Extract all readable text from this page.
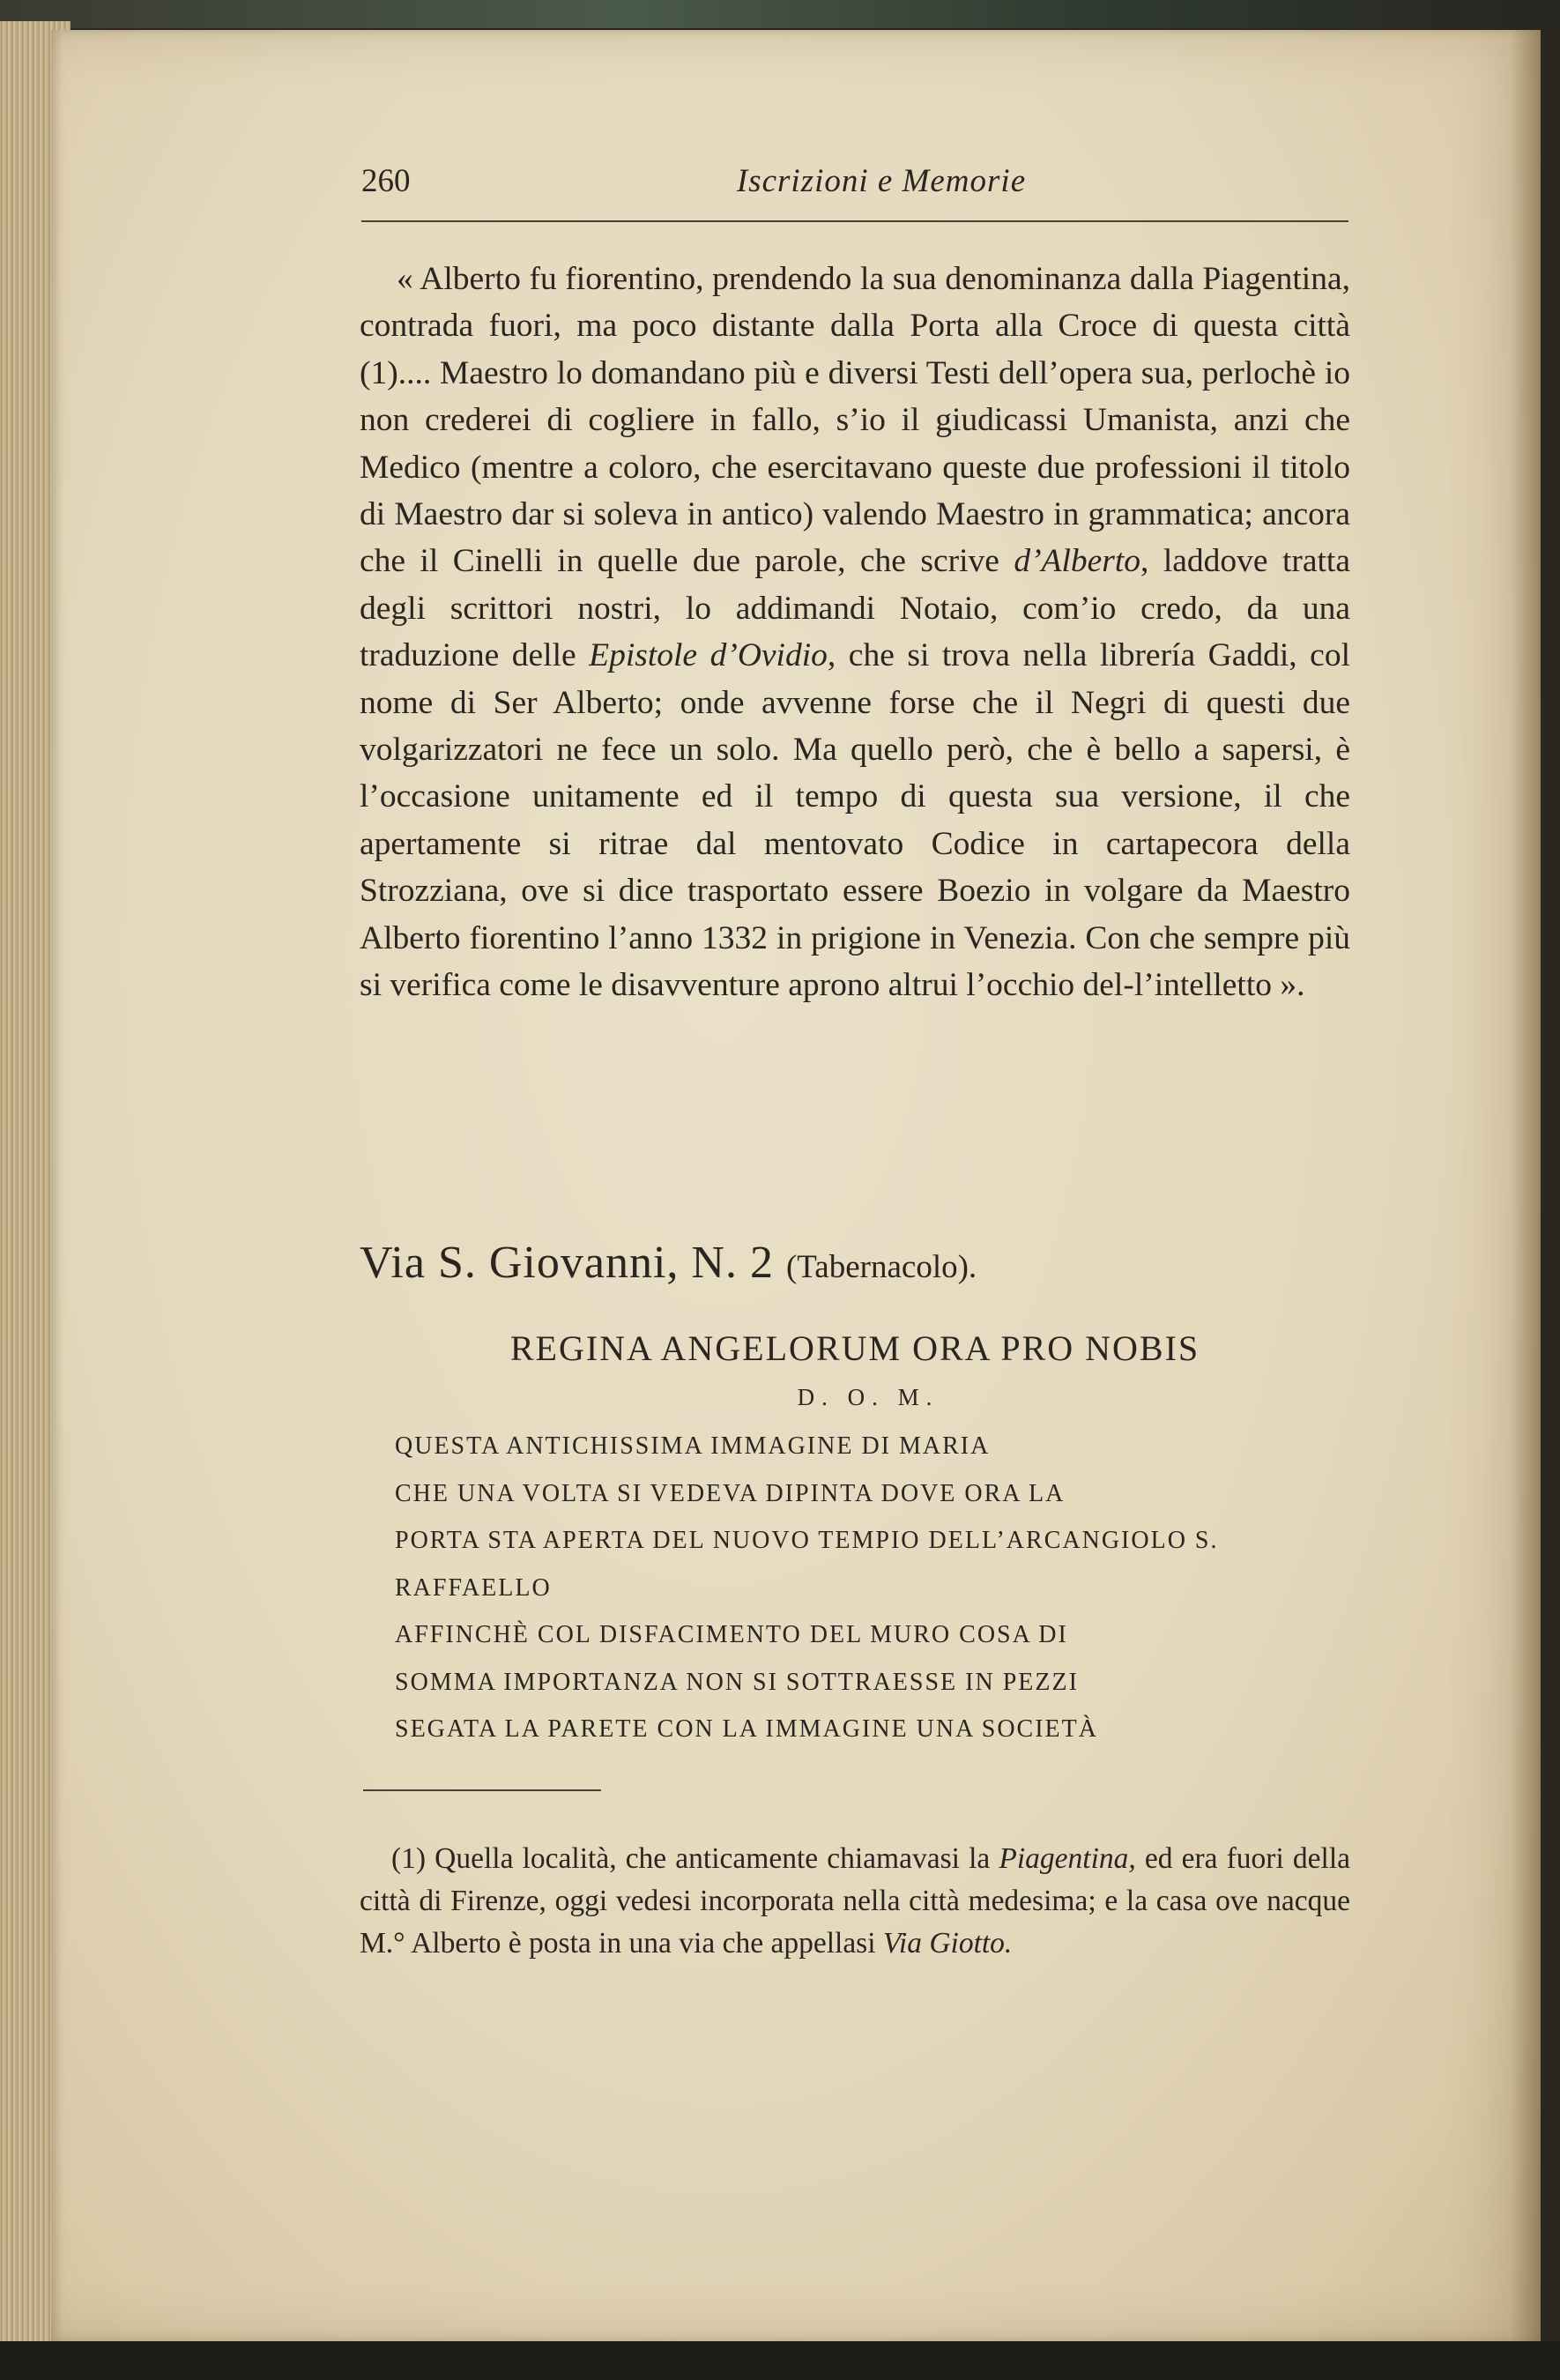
260	Iscrizioni e Memorie

« Alberto fu fiorentino, prendendo la sua denominanza dalla Piagentina, contrada fuori, ma poco distante dalla Porta alla Croce di questa città (1).... Maestro lo domandano più e diversi Testi dell’opera sua, perlochè io non crederei di cogliere in fallo, s’io il giudicassi Umanista, anzi che Medico (mentre a coloro, che esercitavano queste due professioni il titolo di Maestro dar si soleva in antico) valendo Maestro in grammatica; ancora che il Cinelli in quelle due parole, che scrive d’Alberto, laddove tratta degli scrittori nostri, lo addimandi Notaio, com’io credo, da una traduzione delle Epistole d’Ovidio, che si trova nella librería Gaddi, col nome di Ser Alberto; onde avvenne forse che il Negri di questi due volgarizzatori ne fece un solo. Ma quello però, che è bello a sapersi, è l’occasione unitamente ed il tempo di questa sua versione, il che apertamente si ritrae dal mentovato Codice in cartapecora della Strozziana, ove si dice trasportato essere Boezio in volgare da Maestro Alberto fiorentino l’anno 1332 in prigione in Venezia. Con che sempre più si verifica come le disavventure aprono altrui l’occhio del-l’intelletto ».

Via S. Giovanni, N. 2 (Tabernacolo).
REGINA ANGELORUM ORA PRO NOBIS
D. O. M.
QUESTA ANTICHISSIMA IMMAGINE DI MARIA
CHE UNA VOLTA SI VEDEVA DIPINTA DOVE ORA LA
PORTA STA APERTA DEL NUOVO TEMPIO DELL’ARCANGIOLO S.
RAFFAELLO
AFFINCHÈ COL DISFACIMENTO DEL MURO COSA DI
SOMMA IMPORTANZA NON SI SOTTRAESSE IN PEZZI
SEGATA LA PARETE CON LA IMMAGINE UNA SOCIETÀ

(1) Quella località, che anticamente chiamavasi la Piagentina, ed era fuori della città di Firenze, oggi vedesi incorporata nella città medesima; e la casa ove nacque M.° Alberto è posta in una via che appellasi Via Giotto.
